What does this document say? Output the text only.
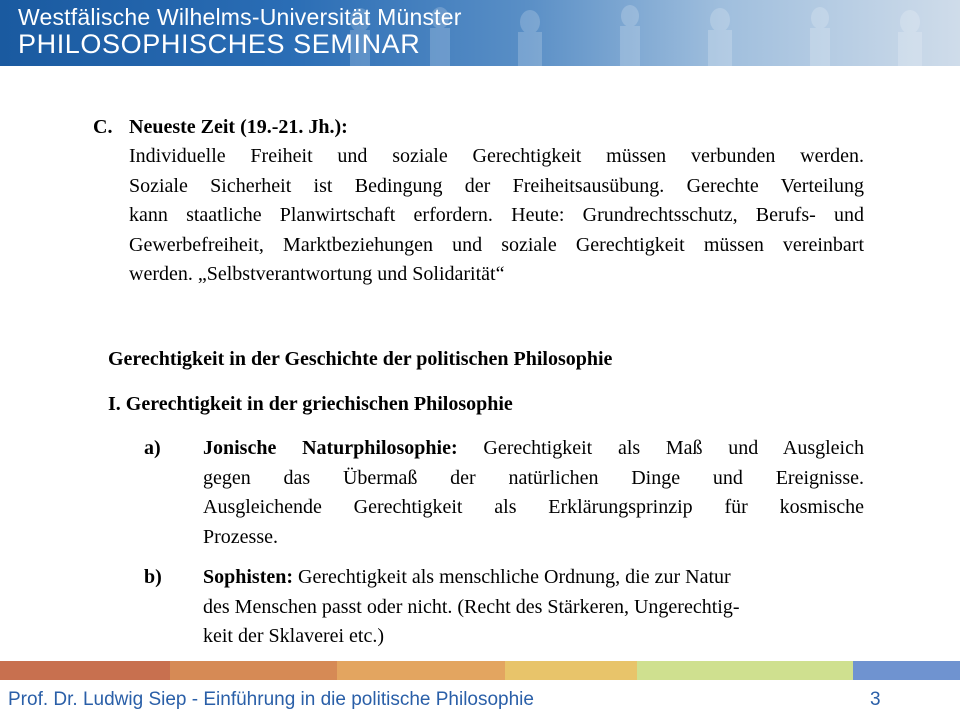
Westfälische Wilhelms-Universität Münster
PHILOSOPHISCHES SEMINAR
C. Neueste Zeit (19.-21. Jh.):
Individuelle Freiheit und soziale Gerechtigkeit müssen verbunden werden.
Soziale Sicherheit ist Bedingung der Freiheitsausübung. Gerechte Verteilung
kann staatliche Planwirtschaft erfordern. Heute: Grundrechtsschutz, Berufs- und
Gewerbefreiheit, Marktbeziehungen und soziale Gerechtigkeit müssen vereinbart
werden. „Selbstverantwortung und Solidarität“
Gerechtigkeit in der Geschichte der politischen Philosophie
I. Gerechtigkeit in der griechischen Philosophie
a) Jonische Naturphilosophie: Gerechtigkeit als Maß und Ausgleich
gegen das Übermaß der natürlichen Dinge und Ereignisse.
Ausgleichende Gerechtigkeit als Erklärungsprinzip für kosmische
Prozesse.
b) Sophisten: Gerechtigkeit als menschliche Ordnung, die zur Natur
des Menschen passt oder nicht. (Recht des Stärkeren, Ungerechtig-
keit der Sklaverei etc.)
Prof. Dr. Ludwig Siep - Einführung in die politische Philosophie	3
